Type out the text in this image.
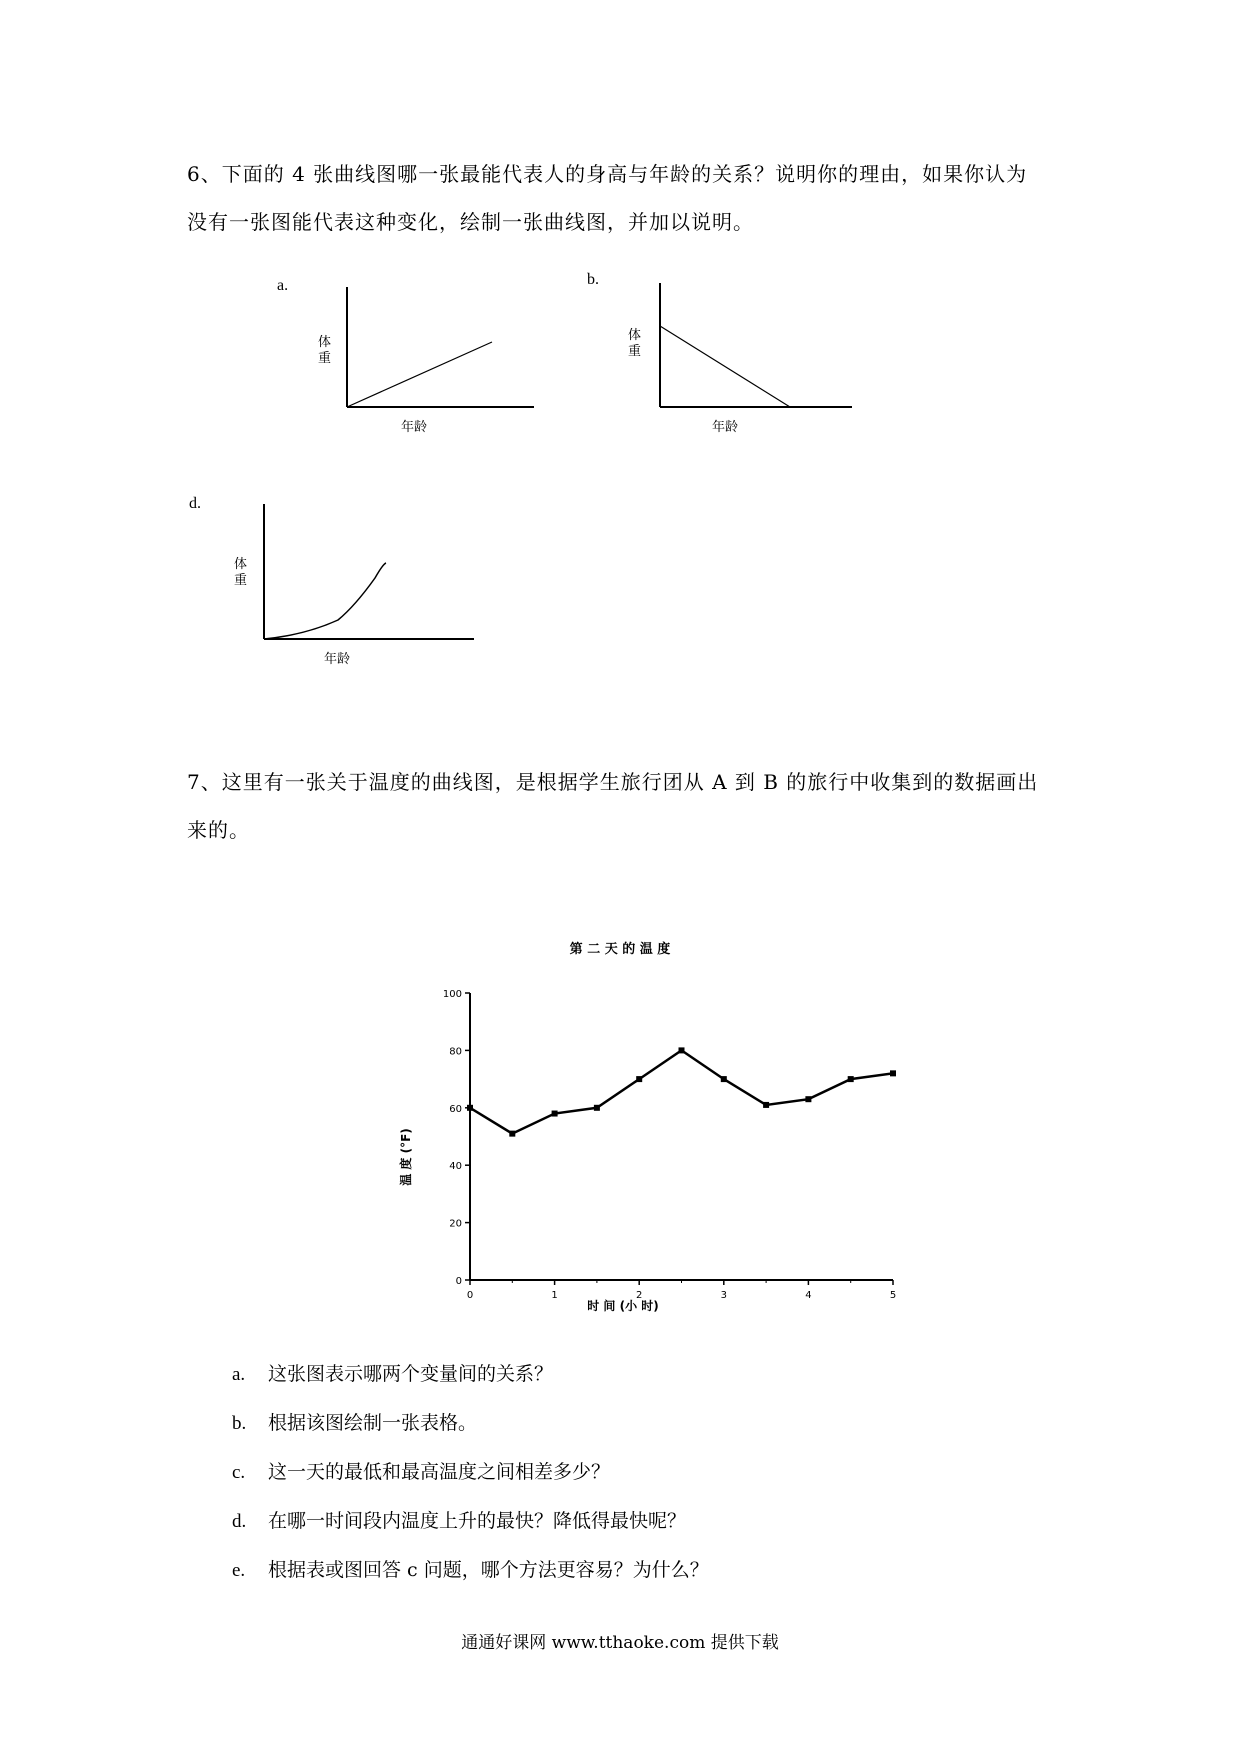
6、下面的 4 张曲线图哪一张最能代表人的身高与年龄的关系？说明你的理由，如果你认为
没有一张图能代表这种变化，绘制一张曲线图，并加以说明。
a.
体重
年龄
b.
体重
年龄
d.
体重
年龄
7、这里有一张关于温度的曲线图，是根据学生旅行团从 A 到 B 的旅行中收集到的数据画出
来的。
第 二 天 的 温 度
0
20
40
60
80
100
0	1	2	3	4	5
时 间 (小 时)
温 度 (°F)
a. 这张图表示哪两个变量间的关系？
b. 根据该图绘制一张表格。
c. 这一天的最低和最高温度之间相差多少？
d. 在哪一时间段内温度上升的最快？降低得最快呢？
e. 根据表或图回答 c 问题，哪个方法更容易？为什么？
通通好课网 www.tthaoke.com 提供下载
